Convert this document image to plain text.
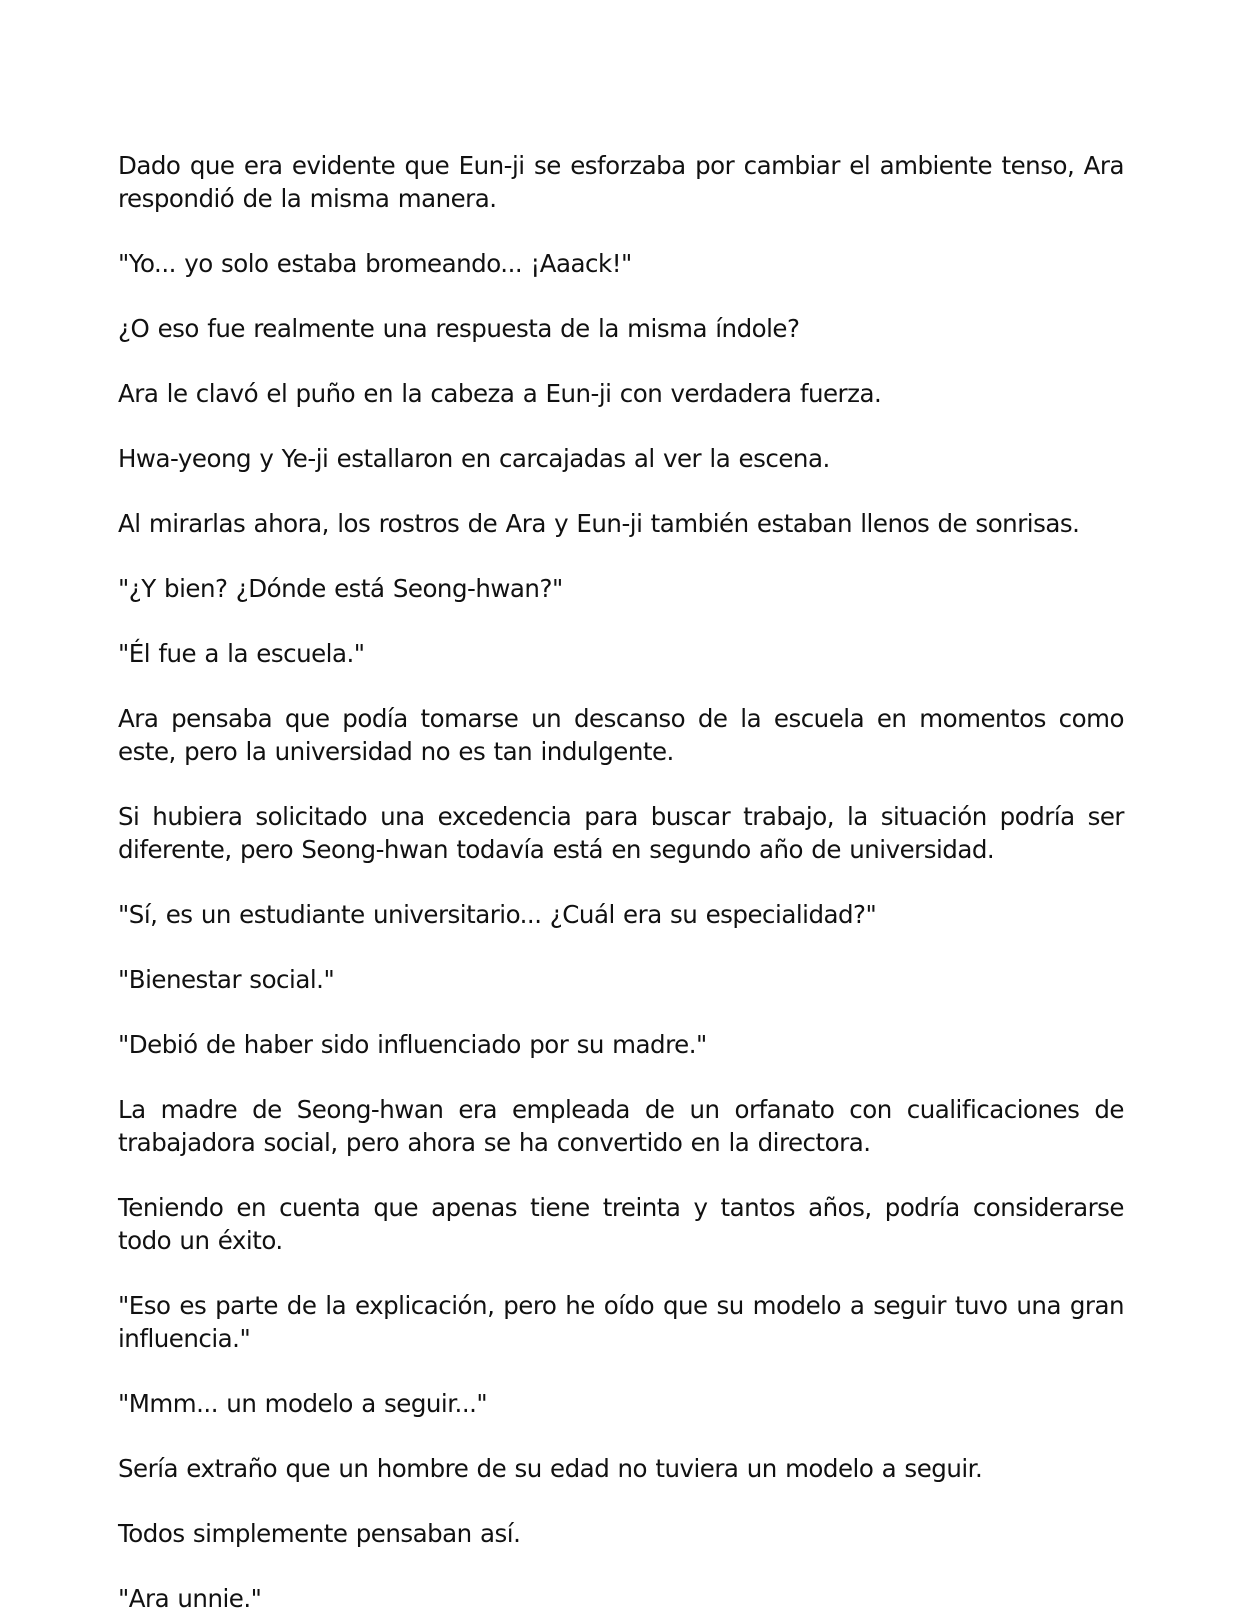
Dado que era evidente que Eun-ji se esforzaba por cambiar el ambiente tenso, Ara respondió de la misma manera.

"Yo... yo solo estaba bromeando... ¡Aaack!"

¿O eso fue realmente una respuesta de la misma índole?

Ara le clavó el puño en la cabeza a Eun-ji con verdadera fuerza.

Hwa-yeong y Ye-ji estallaron en carcajadas al ver la escena.

Al mirarlas ahora, los rostros de Ara y Eun-ji también estaban llenos de sonrisas.

"¿Y bien? ¿Dónde está Seong-hwan?"

"Él fue a la escuela."

Ara pensaba que podía tomarse un descanso de la escuela en momentos como este, pero la universidad no es tan indulgente.

Si hubiera solicitado una excedencia para buscar trabajo, la situación podría ser diferente, pero Seong-hwan todavía está en segundo año de universidad.

"Sí, es un estudiante universitario... ¿Cuál era su especialidad?"

"Bienestar social."

"Debió de haber sido influenciado por su madre."

La madre de Seong-hwan era empleada de un orfanato con cualificaciones de trabajadora social, pero ahora se ha convertido en la directora.

Teniendo en cuenta que apenas tiene treinta y tantos años, podría considerarse todo un éxito.

"Eso es parte de la explicación, pero he oído que su modelo a seguir tuvo una gran influencia."

"Mmm... un modelo a seguir..."

Sería extraño que un hombre de su edad no tuviera un modelo a seguir.

Todos simplemente pensaban así.

"Ara unnie."
